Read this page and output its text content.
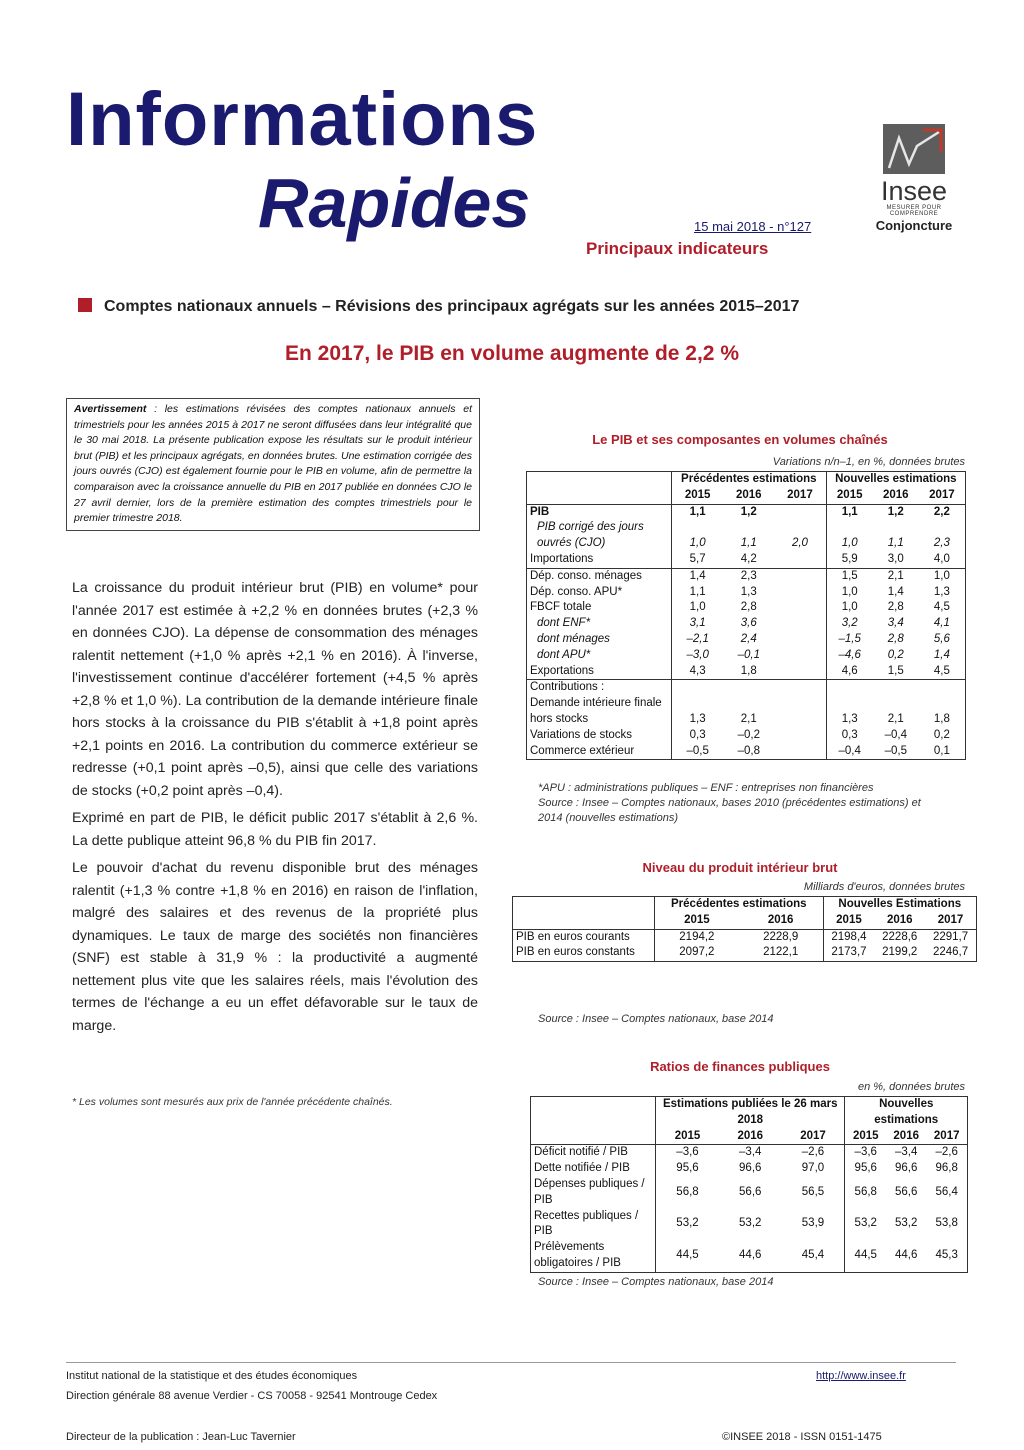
Informations
Rapides	15 mai 2018 - n°127
Principaux indicateurs
Insee
MESURER POUR COMPRENDRE
Conjoncture
Comptes nationaux annuels – Révisions des principaux agrégats sur les années 2015–2017
En 2017, le PIB en volume augmente de 2,2 %
Avertissement : les estimations révisées des comptes nationaux annuels et trimestriels pour les années 2015 à 2017 ne seront diffusées dans leur intégralité que le 30 mai 2018. La présente publication expose les résultats sur le produit intérieur brut (PIB) et les principaux agrégats, en données brutes. Une estimation corrigée des jours ouvrés (CJO) est également fournie pour le PIB en volume, afin de permettre la comparaison avec la croissance annuelle du PIB en 2017 publiée en données CJO le 27 avril dernier, lors de la première estimation des comptes trimestriels pour le premier trimestre 2018.

La croissance du produit intérieur brut (PIB) en volume* pour l'année 2017 est estimée à +2,2 % en données brutes (+2,3 % en données CJO). La dépense de consommation des ménages ralentit nettement (+1,0 % après +2,1 % en 2016). À l'inverse, l'investissement continue d'accélérer fortement (+4,5 % après +2,8 % et 1,0 %). La contribution de la demande intérieure finale hors stocks à la croissance du PIB s'établit à +1,8 point après +2,1 points en 2016. La contribution du commerce extérieur se redresse (+0,1 point après –0,5), ainsi que celle des variations de stocks (+0,2 point après –0,4).

Exprimé en part de PIB, le déficit public 2017 s'établit à 2,6 %. La dette publique atteint 96,8 % du PIB fin 2017.

Le pouvoir d'achat du revenu disponible brut des ménages ralentit (+1,3 % contre +1,8 % en 2016) en raison de l'inflation, malgré des salaires et des revenus de la propriété plus dynamiques. Le taux de marge des sociétés non financières (SNF) est stable à 31,9 % : la productivité a augmenté nettement plus vite que les salaires réels, mais l'évolution des termes de l'échange a eu un effet défavorable sur le taux de marge.

* Les volumes sont mesurés aux prix de l'année précédente chaînés.
Le PIB et ses composantes en volumes chaînés
Variations n/n–1, en %, données brutes
	Précédentes estimations			Nouvelles estimations		
	2015	2016	2017	2015	2016	2017
PIB	1,1	1,2		1,1	1,2	2,2
PIB corrigé des jours ouvrés (CJO)	1,0	1,1	2,0	1,0	1,1	2,3
Importations	5,7	4,2		5,9	3,0	4,0
Dép. conso. ménages	1,4	2,3		1,5	2,1	1,0
Dép. conso. APU*	1,1	1,3		1,0	1,4	1,3
FBCF totale	1,0	2,8		1,0	2,8	4,5
dont ENF*	3,1	3,6		3,2	3,4	4,1
dont ménages	–2,1	2,4		–1,5	2,8	5,6
dont APU*	–3,0	–0,1		–4,6	0,2	1,4
Exportations	4,3	1,8		4,6	1,5	4,5
Contributions :						
Demande intérieure finale hors stocks	1,3	2,1		1,3	2,1	1,8
Variations de stocks	0,3	–0,2		0,3	–0,4	0,2
Commerce extérieur	–0,5	–0,8		–0,4	–0,5	0,1
*APU : administrations publiques – ENF : entreprises non financières
Source : Insee – Comptes nationaux, bases 2010 (précédentes estimations) et 2014 (nouvelles estimations)
Niveau du produit intérieur brut
Milliards d'euros, données brutes
	Précédentes estimations		Nouvelles Estimations		
	2015	2016	2015	2016	2017
PIB en euros courants	2194,2	2228,9	2198,4	2228,6	2291,7
PIB en euros constants	2097,2	2122,1	2173,7	2199,2	2246,7
Source : Insee – Comptes nationaux, base 2014
Ratios de finances publiques
en %, données brutes
	Estimations publiées le 26 mars 2018			Nouvelles estimations		
	2015	2016	2017	2015	2016	2017
Déficit notifié / PIB	–3,6	–3,4	–2,6	–3,6	–3,4	–2,6
Dette notifiée / PIB	95,6	96,6	97,0	95,6	96,6	96,8
Dépenses publiques / PIB	56,8	56,6	56,5	56,8	56,6	56,4
Recettes publiques / PIB	53,2	53,2	53,9	53,2	53,2	53,8
Prélèvements obligatoires / PIB	44,5	44,6	45,4	44,5	44,6	45,3
Source : Insee – Comptes nationaux, base 2014
Institut national de la statistique et des études économiques
Direction générale 88 avenue Verdier - CS 70058 - 92541 Montrouge Cedex
http://www.insee.fr
Directeur de la publication : Jean-Luc Tavernier	©INSEE 2018 - ISSN 0151-1475
